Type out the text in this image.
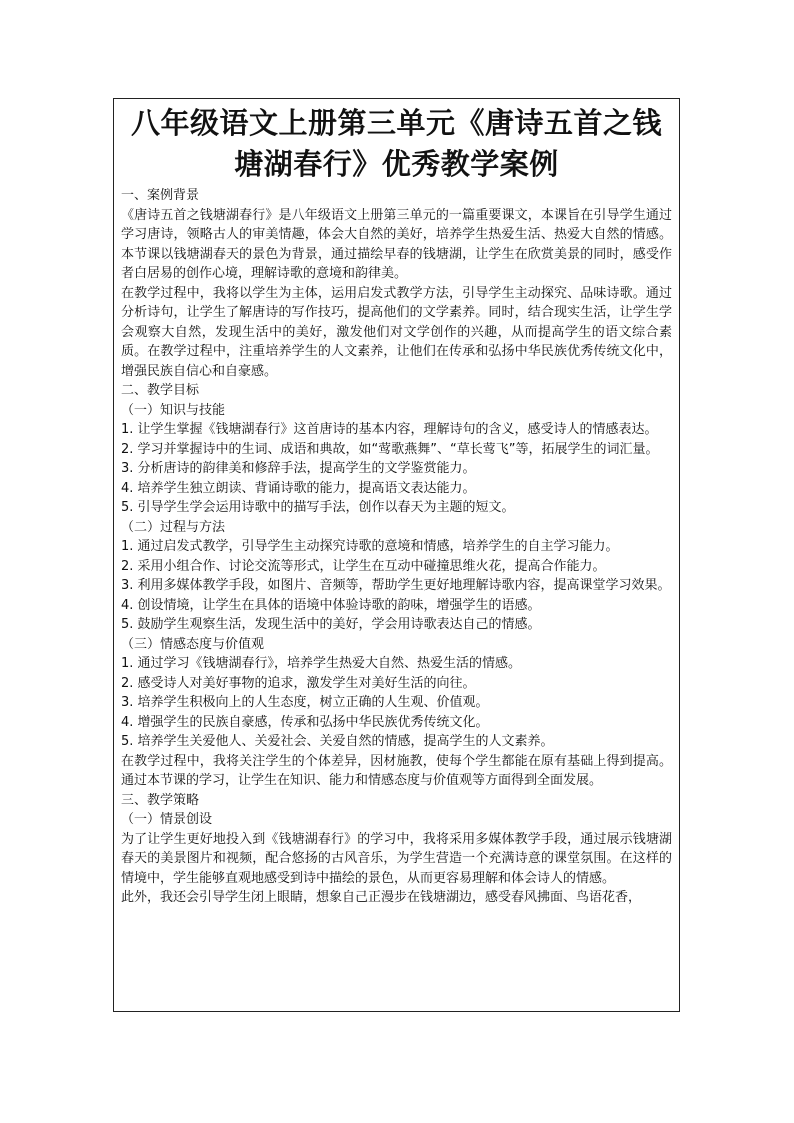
八年级语文上册第三单元《唐诗五首之钱塘湖春行》优秀教学案例

一、案例背景

《唐诗五首之钱塘湖春行》是八年级语文上册第三单元的一篇重要课文，本课旨在引导学生通过学习唐诗，领略古人的审美情趣，体会大自然的美好，培养学生热爱生活、热爱大自然的情感。本节课以钱塘湖春天的景色为背景，通过描绘早春的钱塘湖，让学生在欣赏美景的同时，感受作者白居易的创作心境，理解诗歌的意境和韵律美。

在教学过程中，我将以学生为主体，运用启发式教学方法，引导学生主动探究、品味诗歌。通过分析诗句，让学生了解唐诗的写作技巧，提高他们的文学素养。同时，结合现实生活，让学生学会观察大自然，发现生活中的美好，激发他们对文学创作的兴趣，从而提高学生的语文综合素质。在教学过程中，注重培养学生的人文素养，让他们在传承和弘扬中华民族优秀传统文化中，增强民族自信心和自豪感。

二、教学目标

（一）知识与技能

1. 让学生掌握《钱塘湖春行》这首唐诗的基本内容，理解诗句的含义，感受诗人的情感表达。

2. 学习并掌握诗中的生词、成语和典故，如“莺歌燕舞”、“草长莺飞”等，拓展学生的词汇量。

3. 分析唐诗的韵律美和修辞手法，提高学生的文学鉴赏能力。

4. 培养学生独立朗读、背诵诗歌的能力，提高语文表达能力。

5. 引导学生学会运用诗歌中的描写手法，创作以春天为主题的短文。

（二）过程与方法

1. 通过启发式教学，引导学生主动探究诗歌的意境和情感，培养学生的自主学习能力。

2. 采用小组合作、讨论交流等形式，让学生在互动中碰撞思维火花，提高合作能力。

3. 利用多媒体教学手段，如图片、音频等，帮助学生更好地理解诗歌内容，提高课堂学习效果。

4. 创设情境，让学生在具体的语境中体验诗歌的韵味，增强学生的语感。

5. 鼓励学生观察生活，发现生活中的美好，学会用诗歌表达自己的情感。

（三）情感态度与价值观

1. 通过学习《钱塘湖春行》，培养学生热爱大自然、热爱生活的情感。

2. 感受诗人对美好事物的追求，激发学生对美好生活的向往。

3. 培养学生积极向上的人生态度，树立正确的人生观、价值观。

4. 增强学生的民族自豪感，传承和弘扬中华民族优秀传统文化。

5. 培养学生关爱他人、关爱社会、关爱自然的情感，提高学生的人文素养。

在教学过程中，我将关注学生的个体差异，因材施教，使每个学生都能在原有基础上得到提高。通过本节课的学习，让学生在知识、能力和情感态度与价值观等方面得到全面发展。

三、教学策略

（一）情景创设

为了让学生更好地投入到《钱塘湖春行》的学习中，我将采用多媒体教学手段，通过展示钱塘湖春天的美景图片和视频，配合悠扬的古风音乐，为学生营造一个充满诗意的课堂氛围。在这样的情境中，学生能够直观地感受到诗中描绘的景色，从而更容易理解和体会诗人的情感。

此外，我还会引导学生闭上眼睛，想象自己正漫步在钱塘湖边，感受春风拂面、鸟语花香，
